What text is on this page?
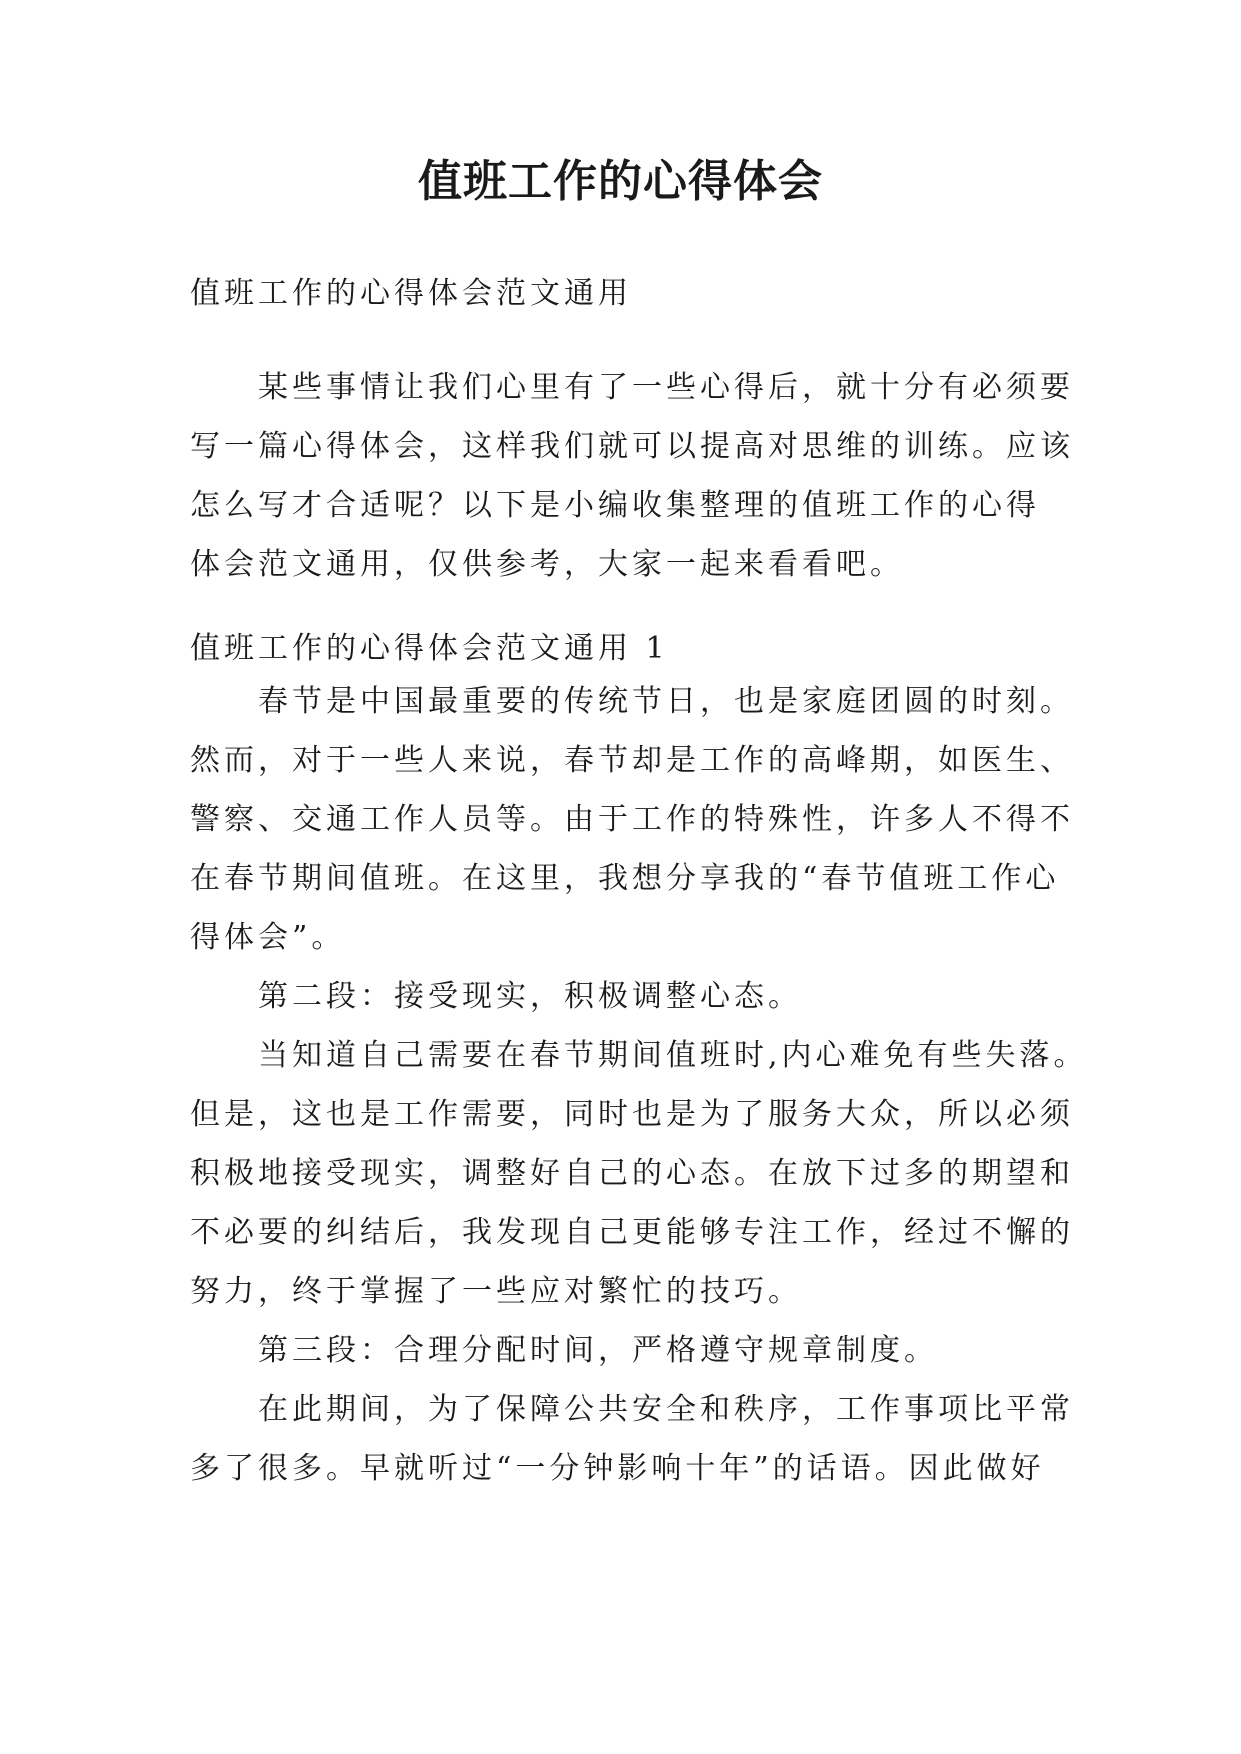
值班工作的心得体会

值班工作的心得体会范文通用

某些事情让我们心里有了一些心得后，就十分有必须要
写一篇心得体会，这样我们就可以提高对思维的训练。应该
怎么写才合适呢？以下是小编收集整理的值班工作的心得
体会范文通用，仅供参考，大家一起来看看吧。

值班工作的心得体会范文通用 1

春节是中国最重要的传统节日，也是家庭团圆的时刻。
然而，对于一些人来说，春节却是工作的高峰期，如医生、
警察、交通工作人员等。由于工作的特殊性，许多人不得不
在春节期间值班。在这里，我想分享我的“春节值班工作心
得体会”。
第二段：接受现实，积极调整心态。
当知道自己需要在春节期间值班时,内心难免有些失落。
但是，这也是工作需要，同时也是为了服务大众，所以必须
积极地接受现实，调整好自己的心态。在放下过多的期望和
不必要的纠结后，我发现自己更能够专注工作，经过不懈的
努力，终于掌握了一些应对繁忙的技巧。
第三段：合理分配时间，严格遵守规章制度。
在此期间，为了保障公共安全和秩序，工作事项比平常
多了很多。早就听过“一分钟影响十年”的话语。因此做好
